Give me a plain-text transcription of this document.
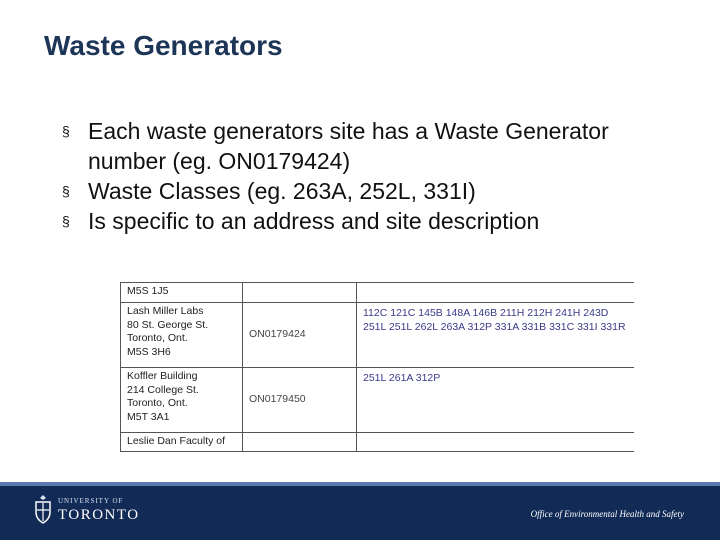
Waste Generators
§ Each waste generators site has a Waste Generator number (eg. ON0179424)
§ Waste Classes (eg. 263A, 252L, 331I)
§ Is specific to an address and site description
M5S 1J5		

Lash Miller Labs
80 St. George St.
Toronto, Ont.
M5S 3H6	ON0179424	112C 121C 145B 148A 146B 211H 212H 241H 243D 251L 251L 262L 263A 312P 331A 331B 331C 331I 331R

Koffler Building
214 College St.
Toronto, Ont.
M5T 3A1	ON0179450	251L 261A 312P

Leslie Dan Faculty of		

UNIVERSITY OF
TORONTO	Office of Environmental Health and Safety
